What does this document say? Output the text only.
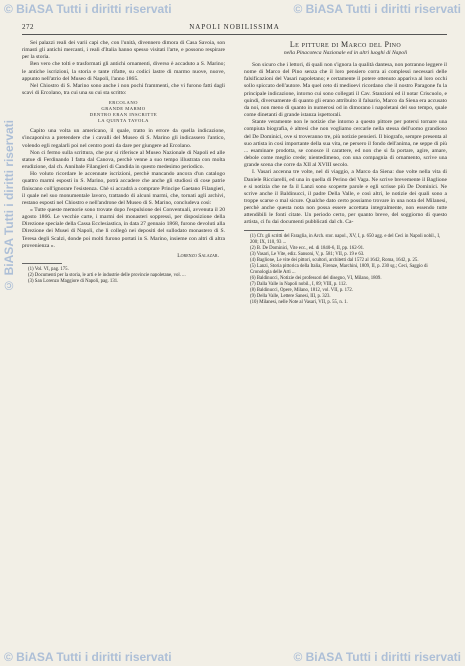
© BiASA Tutti i diritti riservati	© BiASA Tutti i diritti riservati
© BiASA Tutti i diritti riservati
272	NAPOLI NOBILISSIMA

Sei palazzi reali dei varii capi che, con l'unità, divennero dimora di Casa Savoia, son rimasti gli antichi mercanti, i reali d'Italia hanno spesso visitati l'arte, e possono respirare per la storia.

Ben vero che tolti e trasformati gli antichi ornamenti, diverso è accaduto a S. Marino; le antiche iscrizioni, la storia e tante rifatte, su codici lastre di marmo nuove, nuove, appunto nell'atrio del Museo di Napoli, l'anno 1865.

Nel Chiostro di S. Marino sono anche i non pochi frammenti, che vi furono fatti dagli scavi di Ercolano, tra cui una su cui sta scritto:

ERCOLANO
GRANDE MARMO
DENTRO ERAN INSCRITTE
LA QUINTA TAVOLA

Capito una volta un americano, il quale, tratto in errore da quella indicazione, s'incaponiva a pretendere che i cavalli del Museo di S. Marino gli indicassero l'antico, volendo egli regalarli poi nel centro posti da dare per giungere ad Ercolano.

Non ci fermo sulla scrittura, che pur si riferisce al Museo Nazionale di Napoli ed alle statue di Ferdinando I fatta dal Canova, perchè venne a suo tempo illustrata con molta erudizione, dal ch. Annibale Filangieri di Candida in questo medesimo periodico.

Ho voluto ricordare le accennate iscrizioni, perchè mancando ancora d'un catalogo quattro marmi esposti in S. Marino, potrà accadere che anche gli studiosi di cose patrie finiscano coll'ignorare l'esistenza. Chè si accadrà a comprare Principe Gaetano Filangieri, il quale nel suo monumentale lavoro, trattando di alcuni marmi, che, tornati agli archivi, restano esposti nel Chiostro e nell'androne del Museo di S. Marino, concludeva così:

« Tutte queste memorie sono trovate dopo l'espulsione dei Conventuali, avvenuta il 20 agosto 1866. Le vecchie carte, i marmi dei monasteri soppressi, per disposizione della Direzione speciale della Cassa Ecclesiastica, in data 27 gennaio 1868, furono devoluti alla Direzione dei Musei di Napoli, che li collegò nei depositi del sullodato monastero di S. Teresa degli Scalzi, donde poi molti furono portati in S. Marino, insieme con altri di altra provenienza ».

Lorenzo Salazar.

(1) Vol. VI, pag. 175.

(2) Documenti per la storia, le arti e le industrie delle provincie napoletane, vol. ...

(3) San Lorenzo Maggiore di Napoli, pag. 131.

Le pitture di Marco del Pino
nella Pinacoteca Nazionale ed in altri luoghi di Napoli

Son sicuro che i lettori, di quali non s'ignora la qualità dantesa, non potranno leggere il nome di Marco del Pino senza che il loro pensiero corra ai complessi necessari delle falsificazioni del Vasari napoletano; e certamente il potere ottenuto appariva al loro occhi sollo spiccato dell'autore. Ma quel ceto di medioevi ricordano che il nostro Paragone fu la principale indicazione, intorno cui sono collegati il Cav. Stanzioni ed il notar Criscuolo, e quindi, diversamente di quanto gli erano attribuito il falsario, Marco da Siena era accusato da noi, non meno di quanto in numerosi od in dimorano i napoletani del suo tempo, quale come dinetanti di grande istanza ispettorali.

Stante veramente non le notizie che intorno a questo pittore per potersi tornare una compiuta biografia, è altresì che non vogliamo cercarle nella stessa dell'uomo grandioso del De Dominici, ove si troveranno tre, più notizie pensieri. Il biografo, sempre presenta al suo artista in così importante della sua vita, ne persero il fondo dell'anima, ne seppe di più ... esaminare prodotta, se conosce il carattere, ed non che si fa portare, agire, amare, debole come meglio crede; nientedimeno, con una compagnia di ornamento, scrive una grande scena che corre da XII al XVIII secolo.

I. Vasari accenna tre volte, nel di viaggio, a Marco da Siena: due volte nella vita di Daniele Ricciarelli, ed una in quella di Perino del Vaga. Ne scrive brevemente il Baglione e si notizia che ne fa il Lanzi sono scoperte parole e egli scrisse più De Dominici. Ne scrive anche il Baldinucci, il padre Della Valle, e così altri, le notizie dei quali sono a troppe scarse o mal sicure. Qualche dato certo possiamo trovare in una nota del Milanesi, perchè anche questa nota non possa essere accettata integralmente, non essendo tutte attendibili le fonti citate. Un periodo certo, per quanto breve, del soggiorno di questo artista, ci fu dai documenti pubblicati dal ch. Ca-

(1) Cfr. gli scritti del Faraglia, in Arch. stor. napol., XV, I, p. 650 agg. e del Ceci in Napoli nobil., I, 200; IX, 110, 93 ...

(2) B. De Dominici, Vite ecc., ed. di 1840-6, II, pp. 162-91.

(3) Vasari, Le Vite, ediz. Sansoni, V, p. 581; VII, p. 19 e 63.

(4) Baglione, Le vite dei pittori, scultori, architetti dal 1572 al 1642, Roma, 1642, p. 25.

(5) Lanzi, Storia pittorica della Italia, Firenze, Marchini, 1809, II, p. 230 sg.; Ceci, Saggio di Cronologia delle Arti ...

(6) Baldinucci, Notizie dei professori del disegno, VI, Milano, 1809.

(7) Dalla Valle in Napoli nobil., I, 89; VIII, p. 112.

(8) Baldinucci, Opere, Milano, 1812, vol. VII, p. 172.

(9) Della Valle, Lettere Sanesi, III, p. 323.

(10) Milanesi, nelle Note al Vasari, VII, p. 55, n. 1.

© BiASA Tutti i diritti riservati	© BiASA Tutti i diritti riservati
